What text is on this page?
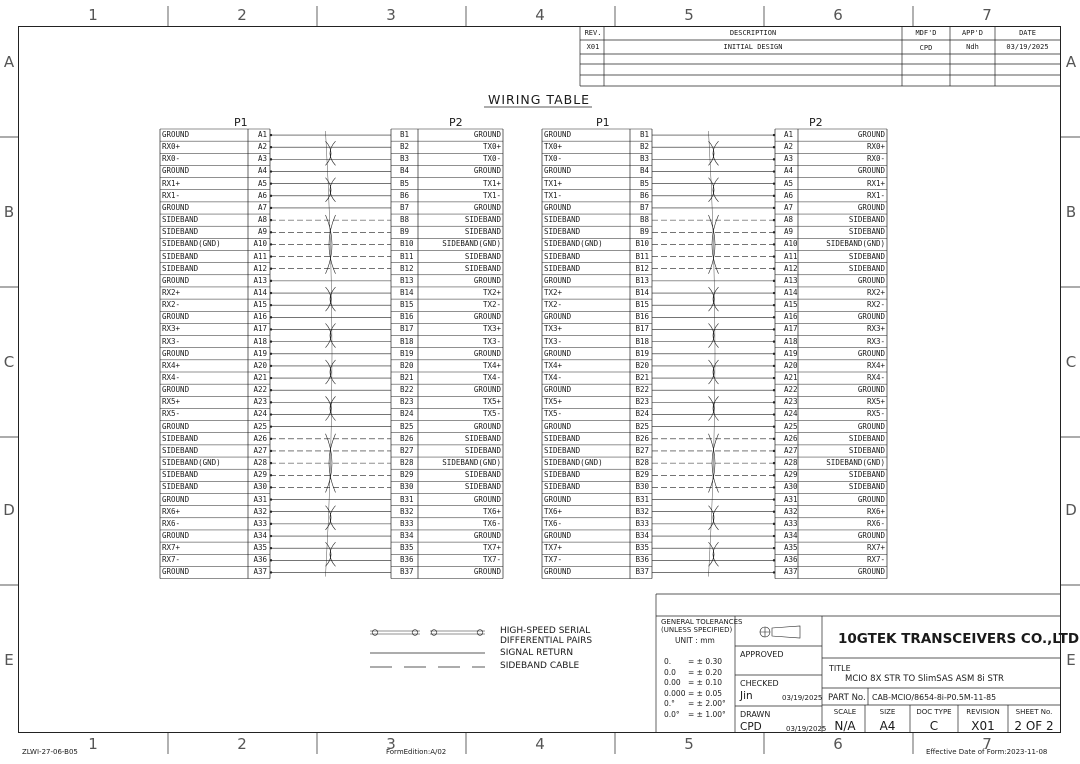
1
1
2
2
3
3
4
4
5
5
6
6
7
7
A	A
B	B
C	C
D	D
E	E
REV.	DESCRIPTION	MDF'D	APP'D	DATE
X01	INITIAL DESIGN	CPD	Ndh	03/19/2025
WIRING TABLE
P1	P2	P1	P2
GROUND	A1	B1	GROUND
RX0+	A2	B2	TX0+
RX0-	A3	B3	TX0-
GROUND	A4	B4	GROUND
RX1+	A5	B5	TX1+
RX1-	A6	B6	TX1-
GROUND	A7	B7	GROUND
SIDEBAND	A8	B8	SIDEBAND
SIDEBAND	A9	B9	SIDEBAND
SIDEBAND(GND)	A10	B10	SIDEBAND(GND)
SIDEBAND	A11	B11	SIDEBAND
SIDEBAND	A12	B12	SIDEBAND
GROUND	A13	B13	GROUND
RX2+	A14	B14	TX2+
RX2-	A15	B15	TX2-
GROUND	A16	B16	GROUND
RX3+	A17	B17	TX3+
RX3-	A18	B18	TX3-
GROUND	A19	B19	GROUND
RX4+	A20	B20	TX4+
RX4-	A21	B21	TX4-
GROUND	A22	B22	GROUND
RX5+	A23	B23	TX5+
RX5-	A24	B24	TX5-
GROUND	A25	B25	GROUND
SIDEBAND	A26	B26	SIDEBAND
SIDEBAND	A27	B27	SIDEBAND
SIDEBAND(GND)	A28	B28	SIDEBAND(GND)
SIDEBAND	A29	B29	SIDEBAND
SIDEBAND	A30	B30	SIDEBAND
GROUND	A31	B31	GROUND
RX6+	A32	B32	TX6+
RX6-	A33	B33	TX6-
GROUND	A34	B34	GROUND
RX7+	A35	B35	TX7+
RX7-	A36	B36	TX7-
GROUND	A37	B37	GROUND
GROUND	B1	A1	GROUND
TX0+	B2	A2	RX0+
TX0-	B3	A3	RX0-
GROUND	B4	A4	GROUND
TX1+	B5	A5	RX1+
TX1-	B6	A6	RX1-
GROUND	B7	A7	GROUND
SIDEBAND	B8	A8	SIDEBAND
SIDEBAND	B9	A9	SIDEBAND
SIDEBAND(GND)	B10	A10	SIDEBAND(GND)
SIDEBAND	B11	A11	SIDEBAND
SIDEBAND	B12	A12	SIDEBAND
GROUND	B13	A13	GROUND
TX2+	B14	A14	RX2+
TX2-	B15	A15	RX2-
GROUND	B16	A16	GROUND
TX3+	B17	A17	RX3+
TX3-	B18	A18	RX3-
GROUND	B19	A19	GROUND
TX4+	B20	A20	RX4+
TX4-	B21	A21	RX4-
GROUND	B22	A22	GROUND
TX5+	B23	A23	RX5+
TX5-	B24	A24	RX5-
GROUND	B25	A25	GROUND
SIDEBAND	B26	A26	SIDEBAND
SIDEBAND	B27	A27	SIDEBAND
SIDEBAND(GND)	B28	A28	SIDEBAND(GND)
SIDEBAND	B29	A29	SIDEBAND
SIDEBAND	B30	A30	SIDEBAND
GROUND	B31	A31	GROUND
TX6+	B32	A32	RX6+
TX6-	B33	A33	RX6-
GROUND	B34	A34	GROUND
TX7+	B35	A35	RX7+
TX7-	B36	A36	RX7-
GROUND	B37	A37	GROUND
HIGH-SPEED SERIAL
DIFFERENTIAL PAIRS
SIGNAL RETURN
SIDEBAND CABLE
GENERAL TOLERANCES
(UNLESS SPECIFIED)
UNIT : mm
0. = ± 0.30
0.0 = ± 0.20
0.00 = ± 0.10
0.000 = ± 0.05
0.° = ± 2.00°
0.0° = ± 1.00°
APPROVED
CHECKED
Jin	03/19/2025
DRAWN
CPD	03/19/2025
10GTEK TRANSCEIVERS CO.,LTD
TITLE
MCIO 8X STR TO SlimSAS ASM 8i STR
PART No. CAB-MCIO/8654-8i-P0.5M-11-85
SCALE
N/A
SIZE
A4
DOC TYPE
C
REVISION
X01
SHEET No.
2 OF 2
ZLWI-27-06-B05	FormEdition:A/02	Effective Date of Form:2023-11-08
